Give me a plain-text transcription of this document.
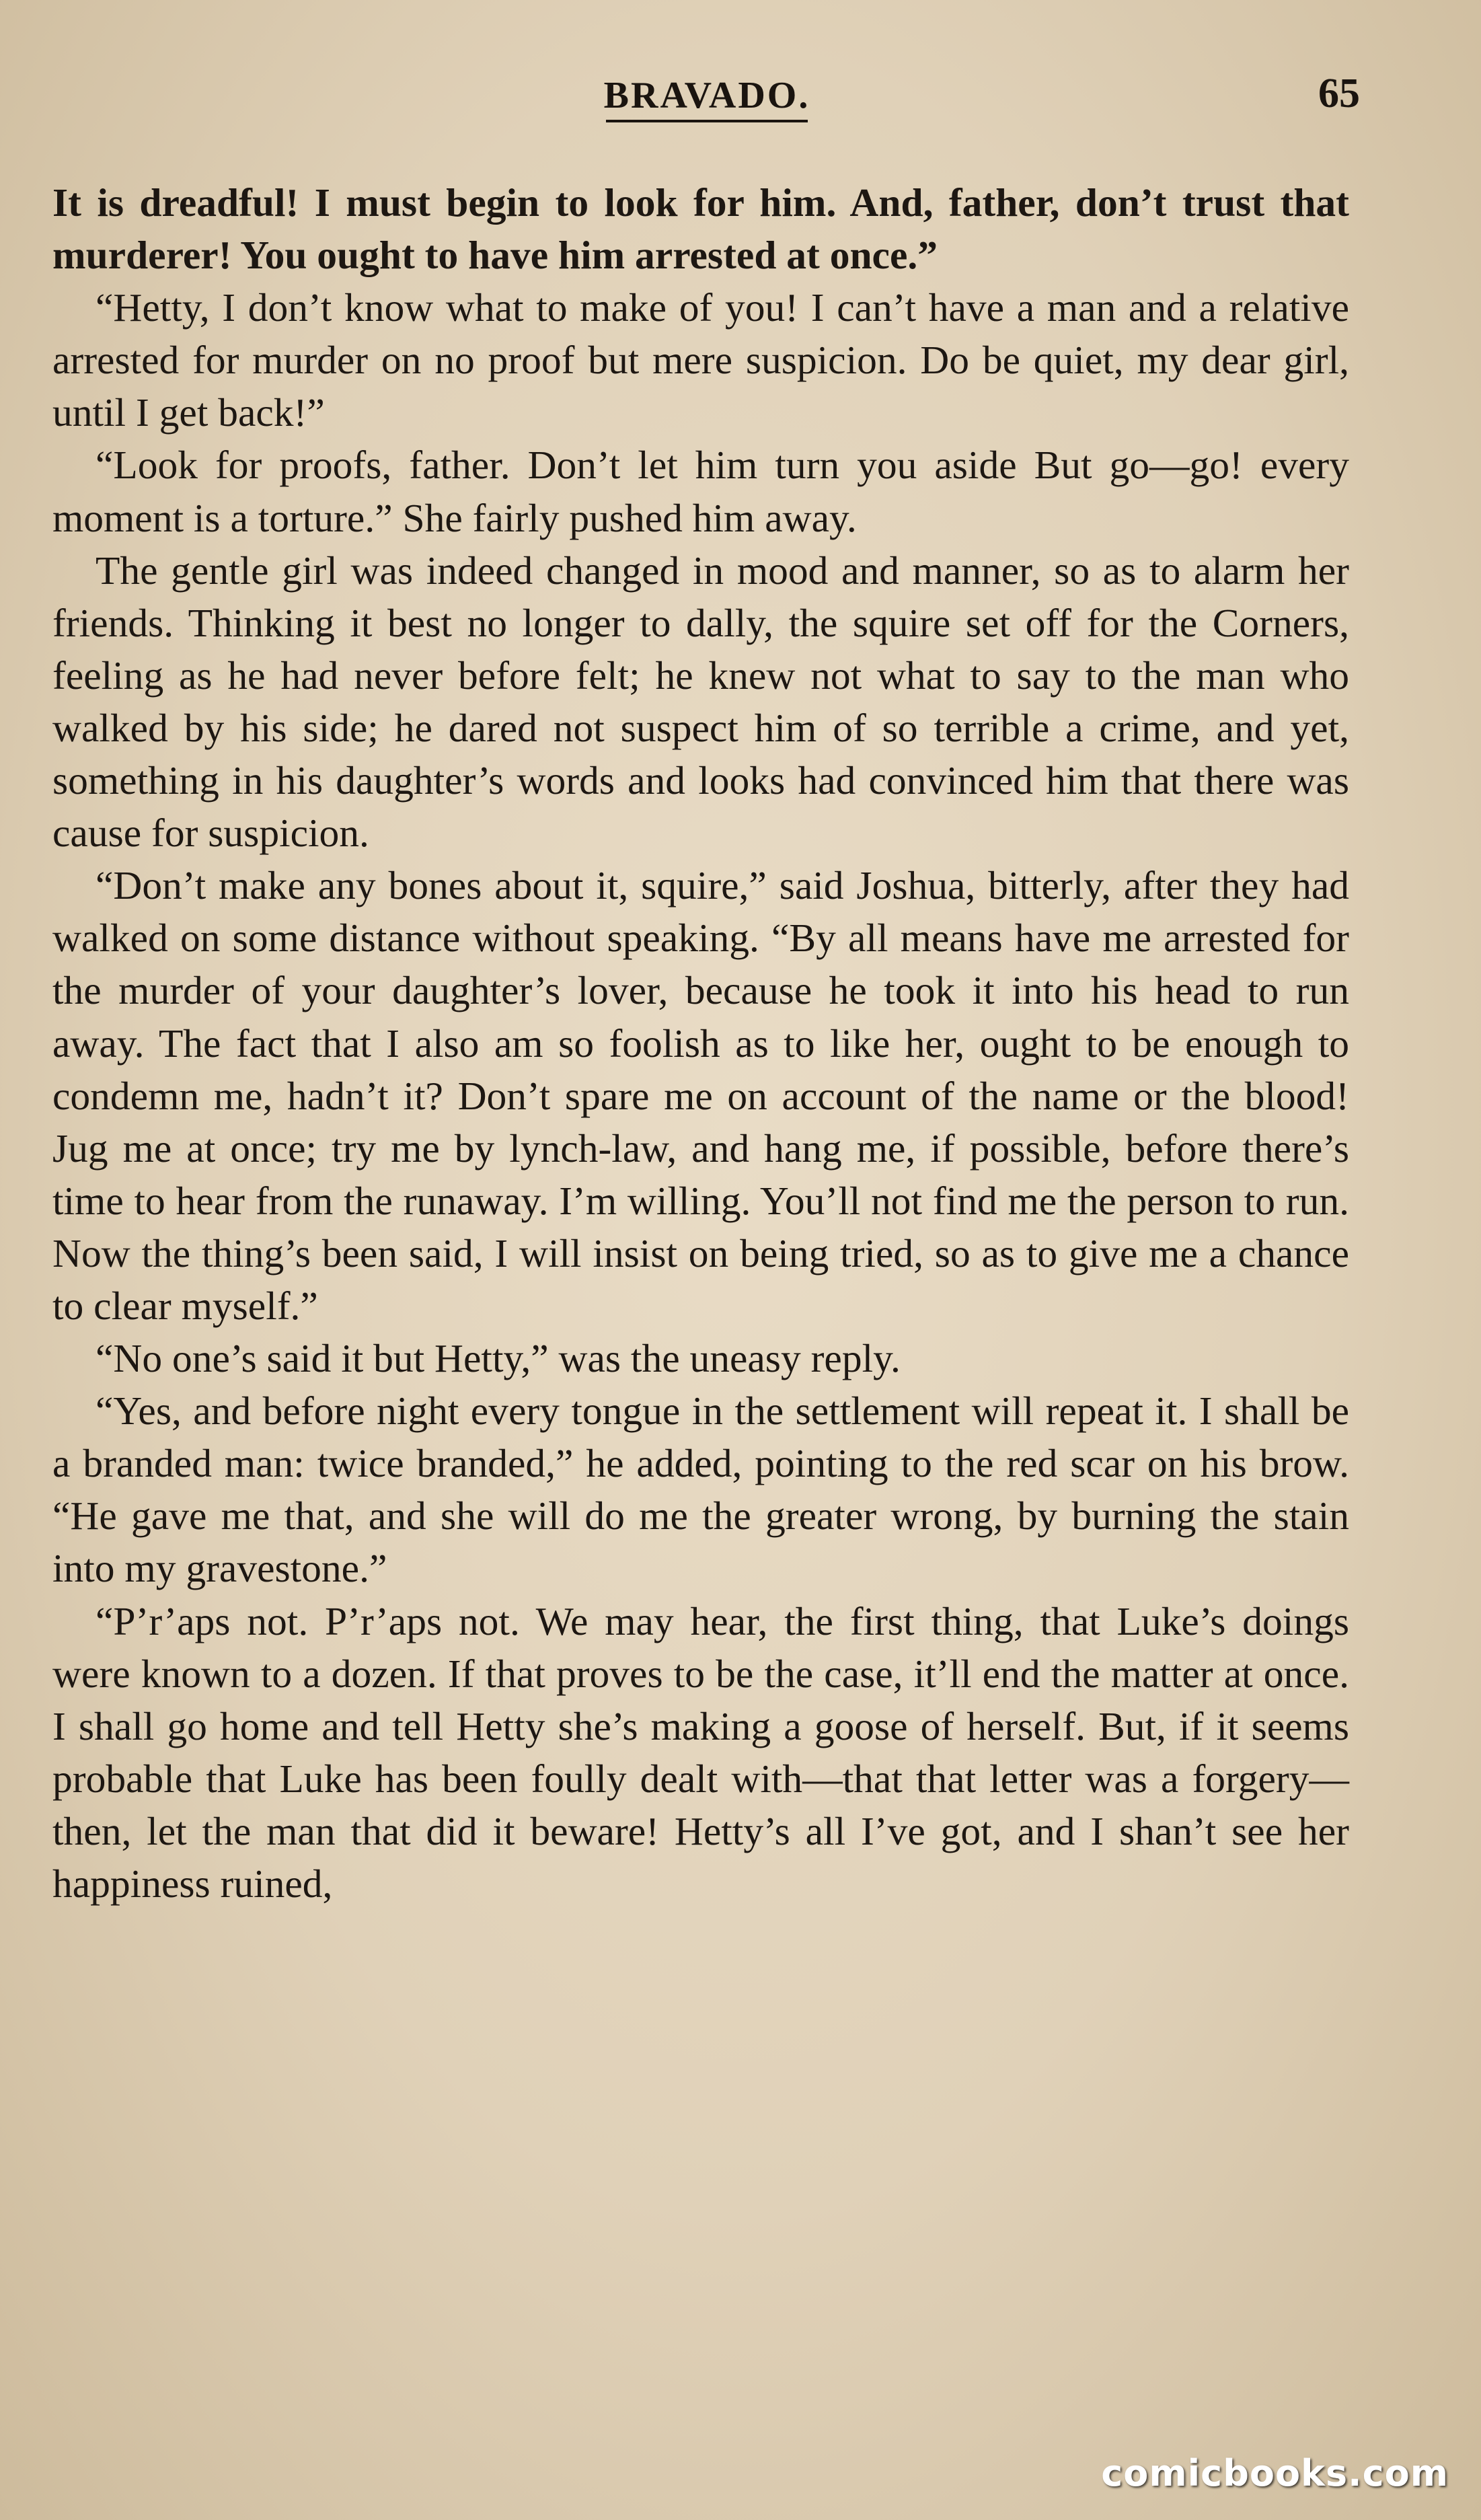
BRAVADO.	65

It is dreadful! I must begin to look for him. And, father, don’t trust that murderer! You ought to have him arrested at once.”

“Hetty, I don’t know what to make of you! I can’t have a man and a relative arrested for murder on no proof but mere suspicion. Do be quiet, my dear girl, until I get back!”

“Look for proofs, father. Don’t let him turn you aside But go—go! every moment is a torture.” She fairly pushed him away.

The gentle girl was indeed changed in mood and manner, so as to alarm her friends. Thinking it best no longer to dally, the squire set off for the Corners, feeling as he had never before felt; he knew not what to say to the man who walked by his side; he dared not suspect him of so terrible a crime, and yet, something in his daughter’s words and looks had convinced him that there was cause for suspicion.

“Don’t make any bones about it, squire,” said Joshua, bitterly, after they had walked on some distance without speaking. “By all means have me arrested for the murder of your daughter’s lover, because he took it into his head to run away. The fact that I also am so foolish as to like her, ought to be enough to condemn me, hadn’t it? Don’t spare me on account of the name or the blood! Jug me at once; try me by lynch-law, and hang me, if possible, before there’s time to hear from the runaway. I’m willing. You’ll not find me the person to run. Now the thing’s been said, I will insist on being tried, so as to give me a chance to clear myself.”

“No one’s said it but Hetty,” was the uneasy reply.

“Yes, and before night every tongue in the settlement will repeat it. I shall be a branded man: twice branded,” he added, pointing to the red scar on his brow. “He gave me that, and she will do me the greater wrong, by burning the stain into my gravestone.”

“P’r’aps not. P’r’aps not. We may hear, the first thing, that Luke’s doings were known to a dozen. If that proves to be the case, it’ll end the matter at once. I shall go home and tell Hetty she’s making a goose of herself. But, if it seems probable that Luke has been foully dealt with—that that letter was a forgery—then, let the man that did it beware! Hetty’s all I’ve got, and I shan’t see her happiness ruined,

comicbooks.com
